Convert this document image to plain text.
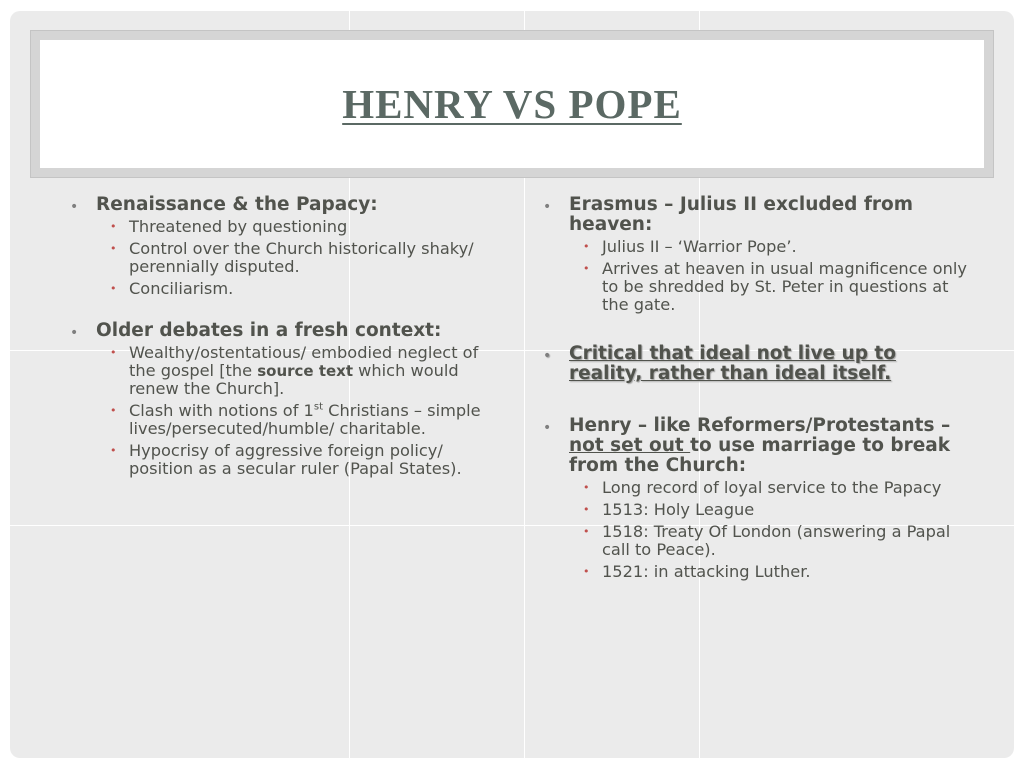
HENRY VS POPE
• Renaissance & the Papacy:
• Threatened by questioning
• Control over the Church historically shaky/ perennially disputed.
• Conciliarism.
• Older debates in a fresh context:
• Wealthy/ostentatious/ embodied neglect of the gospel [the source text which would renew the Church].
• Clash with notions of 1st Christians – simple lives/persecuted/humble/ charitable.
• Hypocrisy of aggressive foreign policy/ position as a secular ruler (Papal States).
• Erasmus – Julius II excluded from heaven:
• Julius II – ‘Warrior Pope’.
• Arrives at heaven in usual magnificence only to be shredded by St. Peter in questions at the gate.
• Critical that ideal not live up to reality, rather than ideal itself.
• Henry – like Reformers/Protestants – not set out to use marriage to break from the Church:
• Long record of loyal service to the Papacy
• 1513: Holy League
• 1518: Treaty Of London (answering a Papal call to Peace).
• 1521: in attacking Luther.
